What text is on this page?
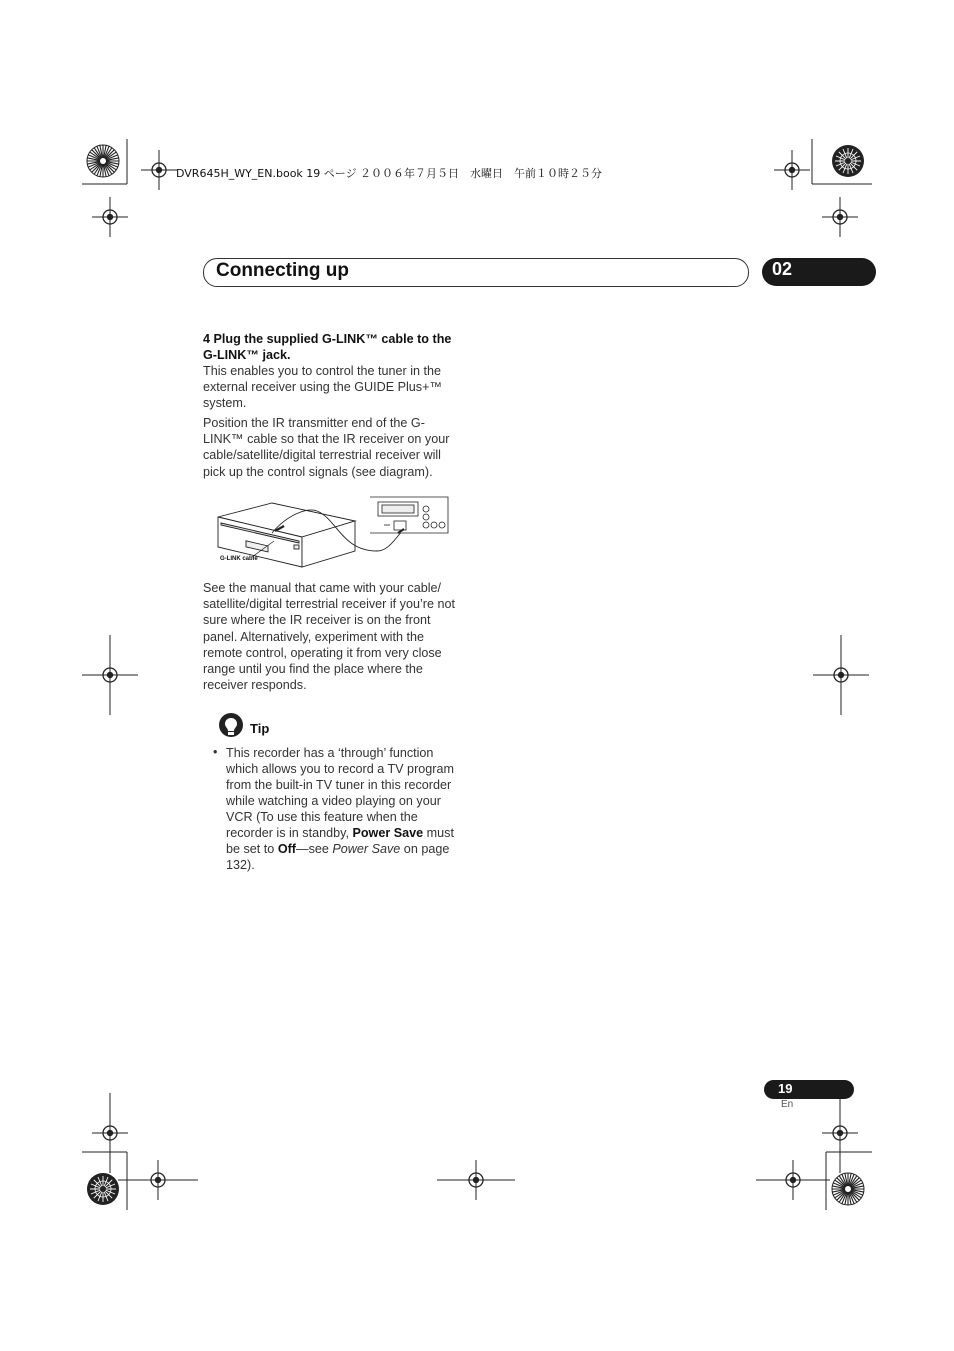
DVR645H_WY_EN.book 19 ページ ２００６年７月５日　水曜日　午前１０時２５分
Connecting up	02
4 Plug the supplied G-LINK™ cable to the G-LINK™ jack.
This enables you to control the tuner in the external receiver using the GUIDE Plus+™ system.
Position the IR transmitter end of the G-LINK™ cable so that the IR receiver on your cable/satellite/digital terrestrial receiver will pick up the control signals (see diagram).
G-LINK cable
See the manual that came with your cable/ satellite/digital terrestrial receiver if you’re not sure where the IR receiver is on the front panel. Alternatively, experiment with the remote control, operating it from very close range until you find the place where the receiver responds.
Tip
• This recorder has a ‘through’ function which allows you to record a TV program from the built-in TV tuner in this recorder while watching a video playing on your VCR (To use this feature when the recorder is in standby, Power Save must be set to Off—see Power Save on page 132).
19
En
